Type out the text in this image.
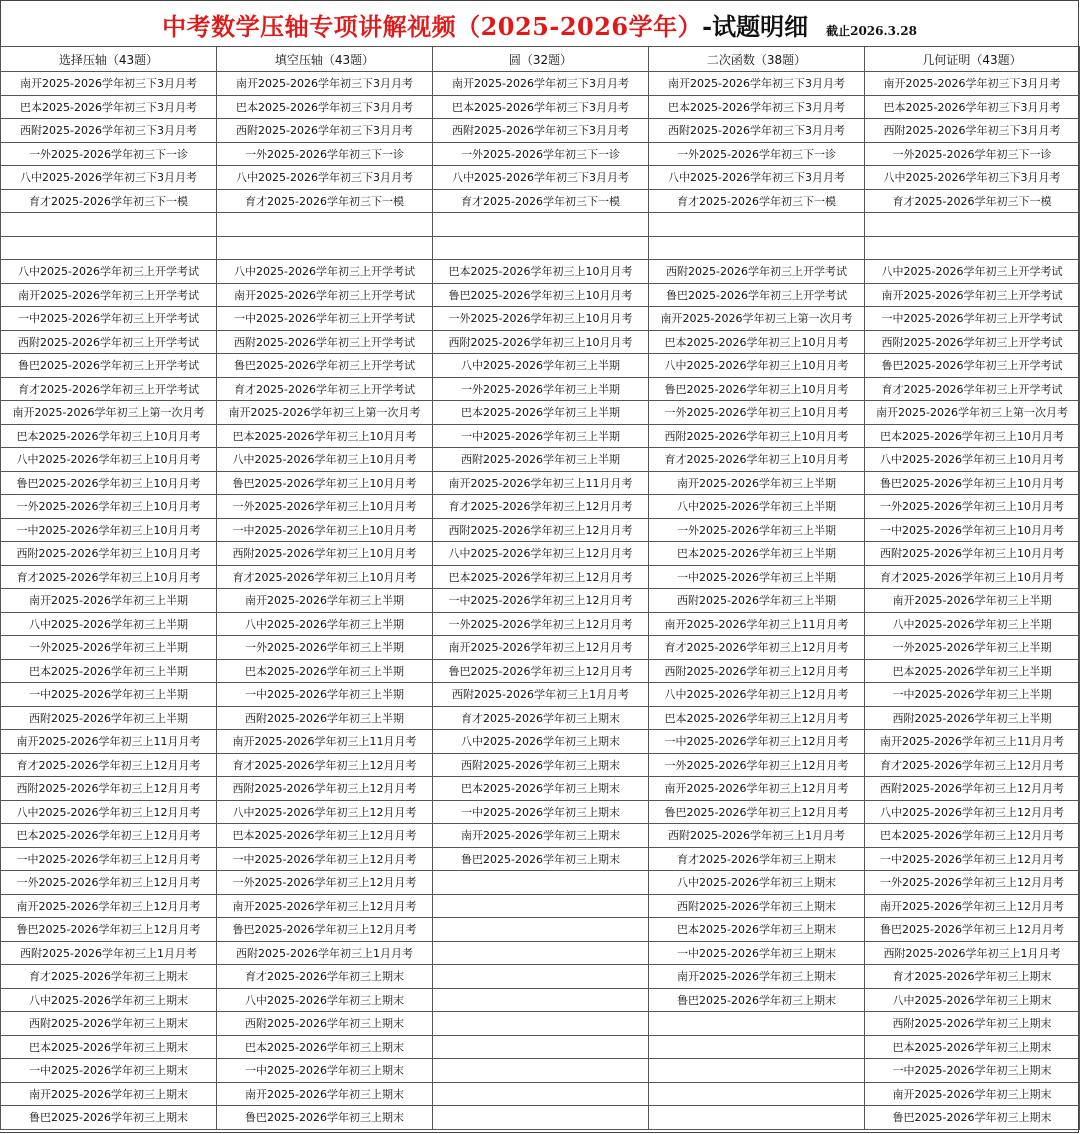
中考数学压轴专项讲解视频（2025-2026学年）-试题明细 截止2026.3.28
选择压轴（43题）	填空压轴（43题）	圆（32题）	二次函数（38题）	几何证明（43题）
南开2025-2026学年初三下3月月考	南开2025-2026学年初三下3月月考	南开2025-2026学年初三下3月月考	南开2025-2026学年初三下3月月考	南开2025-2026学年初三下3月月考
巴本2025-2026学年初三下3月月考	巴本2025-2026学年初三下3月月考	巴本2025-2026学年初三下3月月考	巴本2025-2026学年初三下3月月考	巴本2025-2026学年初三下3月月考
西附2025-2026学年初三下3月月考	西附2025-2026学年初三下3月月考	西附2025-2026学年初三下3月月考	西附2025-2026学年初三下3月月考	西附2025-2026学年初三下3月月考
一外2025-2026学年初三下一诊	一外2025-2026学年初三下一诊	一外2025-2026学年初三下一诊	一外2025-2026学年初三下一诊	一外2025-2026学年初三下一诊
八中2025-2026学年初三下3月月考	八中2025-2026学年初三下3月月考	八中2025-2026学年初三下3月月考	八中2025-2026学年初三下3月月考	八中2025-2026学年初三下3月月考
育才2025-2026学年初三下一模	育才2025-2026学年初三下一模	育才2025-2026学年初三下一模	育才2025-2026学年初三下一模	育才2025-2026学年初三下一模

八中2025-2026学年初三上开学考试	八中2025-2026学年初三上开学考试	巴本2025-2026学年初三上10月月考	西附2025-2026学年初三上开学考试	八中2025-2026学年初三上开学考试
南开2025-2026学年初三上开学考试	南开2025-2026学年初三上开学考试	鲁巴2025-2026学年初三上10月月考	鲁巴2025-2026学年初三上开学考试	南开2025-2026学年初三上开学考试
一中2025-2026学年初三上开学考试	一中2025-2026学年初三上开学考试	一外2025-2026学年初三上10月月考	南开2025-2026学年初三上第一次月考	一中2025-2026学年初三上开学考试
西附2025-2026学年初三上开学考试	西附2025-2026学年初三上开学考试	西附2025-2026学年初三上10月月考	巴本2025-2026学年初三上10月月考	西附2025-2026学年初三上开学考试
鲁巴2025-2026学年初三上开学考试	鲁巴2025-2026学年初三上开学考试	八中2025-2026学年初三上半期	八中2025-2026学年初三上10月月考	鲁巴2025-2026学年初三上开学考试
育才2025-2026学年初三上开学考试	育才2025-2026学年初三上开学考试	一外2025-2026学年初三上半期	鲁巴2025-2026学年初三上10月月考	育才2025-2026学年初三上开学考试
南开2025-2026学年初三上第一次月考	南开2025-2026学年初三上第一次月考	巴本2025-2026学年初三上半期	一外2025-2026学年初三上10月月考	南开2025-2026学年初三上第一次月考
巴本2025-2026学年初三上10月月考	巴本2025-2026学年初三上10月月考	一中2025-2026学年初三上半期	西附2025-2026学年初三上10月月考	巴本2025-2026学年初三上10月月考
八中2025-2026学年初三上10月月考	八中2025-2026学年初三上10月月考	西附2025-2026学年初三上半期	育才2025-2026学年初三上10月月考	八中2025-2026学年初三上10月月考
鲁巴2025-2026学年初三上10月月考	鲁巴2025-2026学年初三上10月月考	南开2025-2026学年初三上11月月考	南开2025-2026学年初三上半期	鲁巴2025-2026学年初三上10月月考
一外2025-2026学年初三上10月月考	一外2025-2026学年初三上10月月考	育才2025-2026学年初三上12月月考	八中2025-2026学年初三上半期	一外2025-2026学年初三上10月月考
一中2025-2026学年初三上10月月考	一中2025-2026学年初三上10月月考	西附2025-2026学年初三上12月月考	一外2025-2026学年初三上半期	一中2025-2026学年初三上10月月考
西附2025-2026学年初三上10月月考	西附2025-2026学年初三上10月月考	八中2025-2026学年初三上12月月考	巴本2025-2026学年初三上半期	西附2025-2026学年初三上10月月考
育才2025-2026学年初三上10月月考	育才2025-2026学年初三上10月月考	巴本2025-2026学年初三上12月月考	一中2025-2026学年初三上半期	育才2025-2026学年初三上10月月考
南开2025-2026学年初三上半期	南开2025-2026学年初三上半期	一中2025-2026学年初三上12月月考	西附2025-2026学年初三上半期	南开2025-2026学年初三上半期
八中2025-2026学年初三上半期	八中2025-2026学年初三上半期	一外2025-2026学年初三上12月月考	南开2025-2026学年初三上11月月考	八中2025-2026学年初三上半期
一外2025-2026学年初三上半期	一外2025-2026学年初三上半期	南开2025-2026学年初三上12月月考	育才2025-2026学年初三上12月月考	一外2025-2026学年初三上半期
巴本2025-2026学年初三上半期	巴本2025-2026学年初三上半期	鲁巴2025-2026学年初三上12月月考	西附2025-2026学年初三上12月月考	巴本2025-2026学年初三上半期
一中2025-2026学年初三上半期	一中2025-2026学年初三上半期	西附2025-2026学年初三上1月月考	八中2025-2026学年初三上12月月考	一中2025-2026学年初三上半期
西附2025-2026学年初三上半期	西附2025-2026学年初三上半期	育才2025-2026学年初三上期末	巴本2025-2026学年初三上12月月考	西附2025-2026学年初三上半期
南开2025-2026学年初三上11月月考	南开2025-2026学年初三上11月月考	八中2025-2026学年初三上期末	一中2025-2026学年初三上12月月考	南开2025-2026学年初三上11月月考
育才2025-2026学年初三上12月月考	育才2025-2026学年初三上12月月考	西附2025-2026学年初三上期末	一外2025-2026学年初三上12月月考	育才2025-2026学年初三上12月月考
西附2025-2026学年初三上12月月考	西附2025-2026学年初三上12月月考	巴本2025-2026学年初三上期末	南开2025-2026学年初三上12月月考	西附2025-2026学年初三上12月月考
八中2025-2026学年初三上12月月考	八中2025-2026学年初三上12月月考	一中2025-2026学年初三上期末	鲁巴2025-2026学年初三上12月月考	八中2025-2026学年初三上12月月考
巴本2025-2026学年初三上12月月考	巴本2025-2026学年初三上12月月考	南开2025-2026学年初三上期末	西附2025-2026学年初三上1月月考	巴本2025-2026学年初三上12月月考
一中2025-2026学年初三上12月月考	一中2025-2026学年初三上12月月考	鲁巴2025-2026学年初三上期末	育才2025-2026学年初三上期末	一中2025-2026学年初三上12月月考
一外2025-2026学年初三上12月月考	一外2025-2026学年初三上12月月考		八中2025-2026学年初三上期末	一外2025-2026学年初三上12月月考
南开2025-2026学年初三上12月月考	南开2025-2026学年初三上12月月考		西附2025-2026学年初三上期末	南开2025-2026学年初三上12月月考
鲁巴2025-2026学年初三上12月月考	鲁巴2025-2026学年初三上12月月考		巴本2025-2026学年初三上期末	鲁巴2025-2026学年初三上12月月考
西附2025-2026学年初三上1月月考	西附2025-2026学年初三上1月月考		一中2025-2026学年初三上期末	西附2025-2026学年初三上1月月考
育才2025-2026学年初三上期末	育才2025-2026学年初三上期末		南开2025-2026学年初三上期末	育才2025-2026学年初三上期末
八中2025-2026学年初三上期末	八中2025-2026学年初三上期末		鲁巴2025-2026学年初三上期末	八中2025-2026学年初三上期末
西附2025-2026学年初三上期末	西附2025-2026学年初三上期末			西附2025-2026学年初三上期末
巴本2025-2026学年初三上期末	巴本2025-2026学年初三上期末			巴本2025-2026学年初三上期末
一中2025-2026学年初三上期末	一中2025-2026学年初三上期末			一中2025-2026学年初三上期末
南开2025-2026学年初三上期末	南开2025-2026学年初三上期末			南开2025-2026学年初三上期末
鲁巴2025-2026学年初三上期末	鲁巴2025-2026学年初三上期末			鲁巴2025-2026学年初三上期末
